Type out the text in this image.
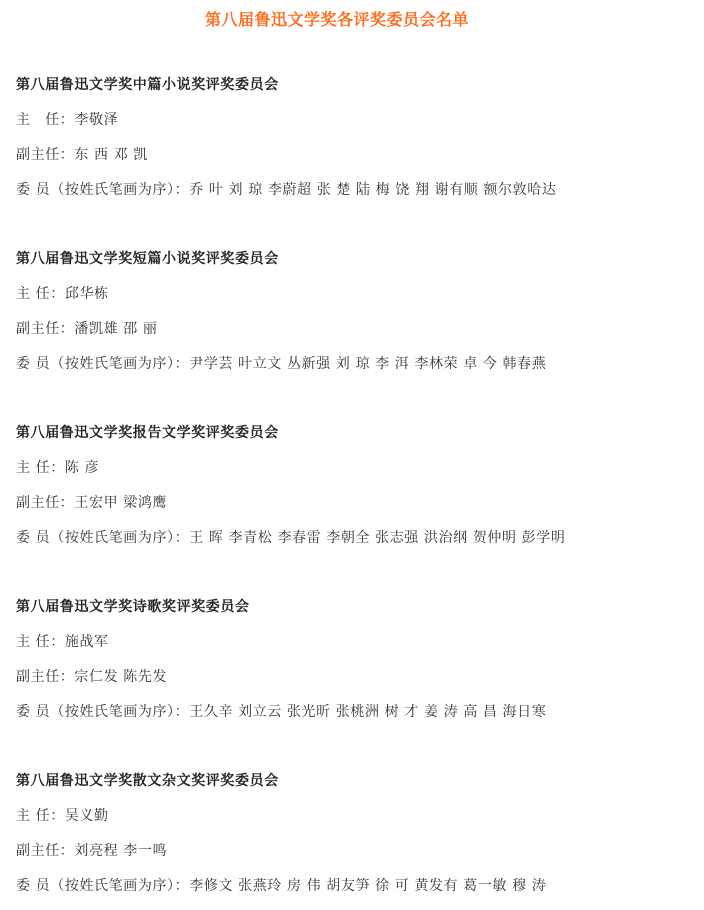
第八届鲁迅文学奖各评奖委员会名单
第八届鲁迅文学奖中篇小说奖评奖委员会
主　任：李敬泽
副主任：东 西 邓 凯
委 员（按姓氏笔画为序）：乔 叶 刘 琼 李蔚超 张 楚 陆 梅 饶 翔 谢有顺 额尔敦哈达
第八届鲁迅文学奖短篇小说奖评奖委员会
主 任：邱华栋
副主任：潘凯雄 邵 丽
委 员（按姓氏笔画为序）：尹学芸 叶立文 丛新强 刘 琼 李 洱 李林荣 卓 今 韩春燕
第八届鲁迅文学奖报告文学奖评奖委员会
主 任：陈 彦
副主任：王宏甲 梁鸿鹰
委 员（按姓氏笔画为序）：王 晖 李青松 李春雷 李朝全 张志强 洪治纲 贺仲明 彭学明
第八届鲁迅文学奖诗歌奖评奖委员会
主 任：施战军
副主任：宗仁发 陈先发
委 员（按姓氏笔画为序）：王久辛 刘立云 张光昕 张桃洲 树 才 姜 涛 高 昌 海日寒
第八届鲁迅文学奖散文杂文奖评奖委员会
主 任：吴义勤
副主任：刘亮程 李一鸣
委 员（按姓氏笔画为序）：李修文 张燕玲 房 伟 胡友笋 徐 可 黄发有 葛一敏 穆 涛
